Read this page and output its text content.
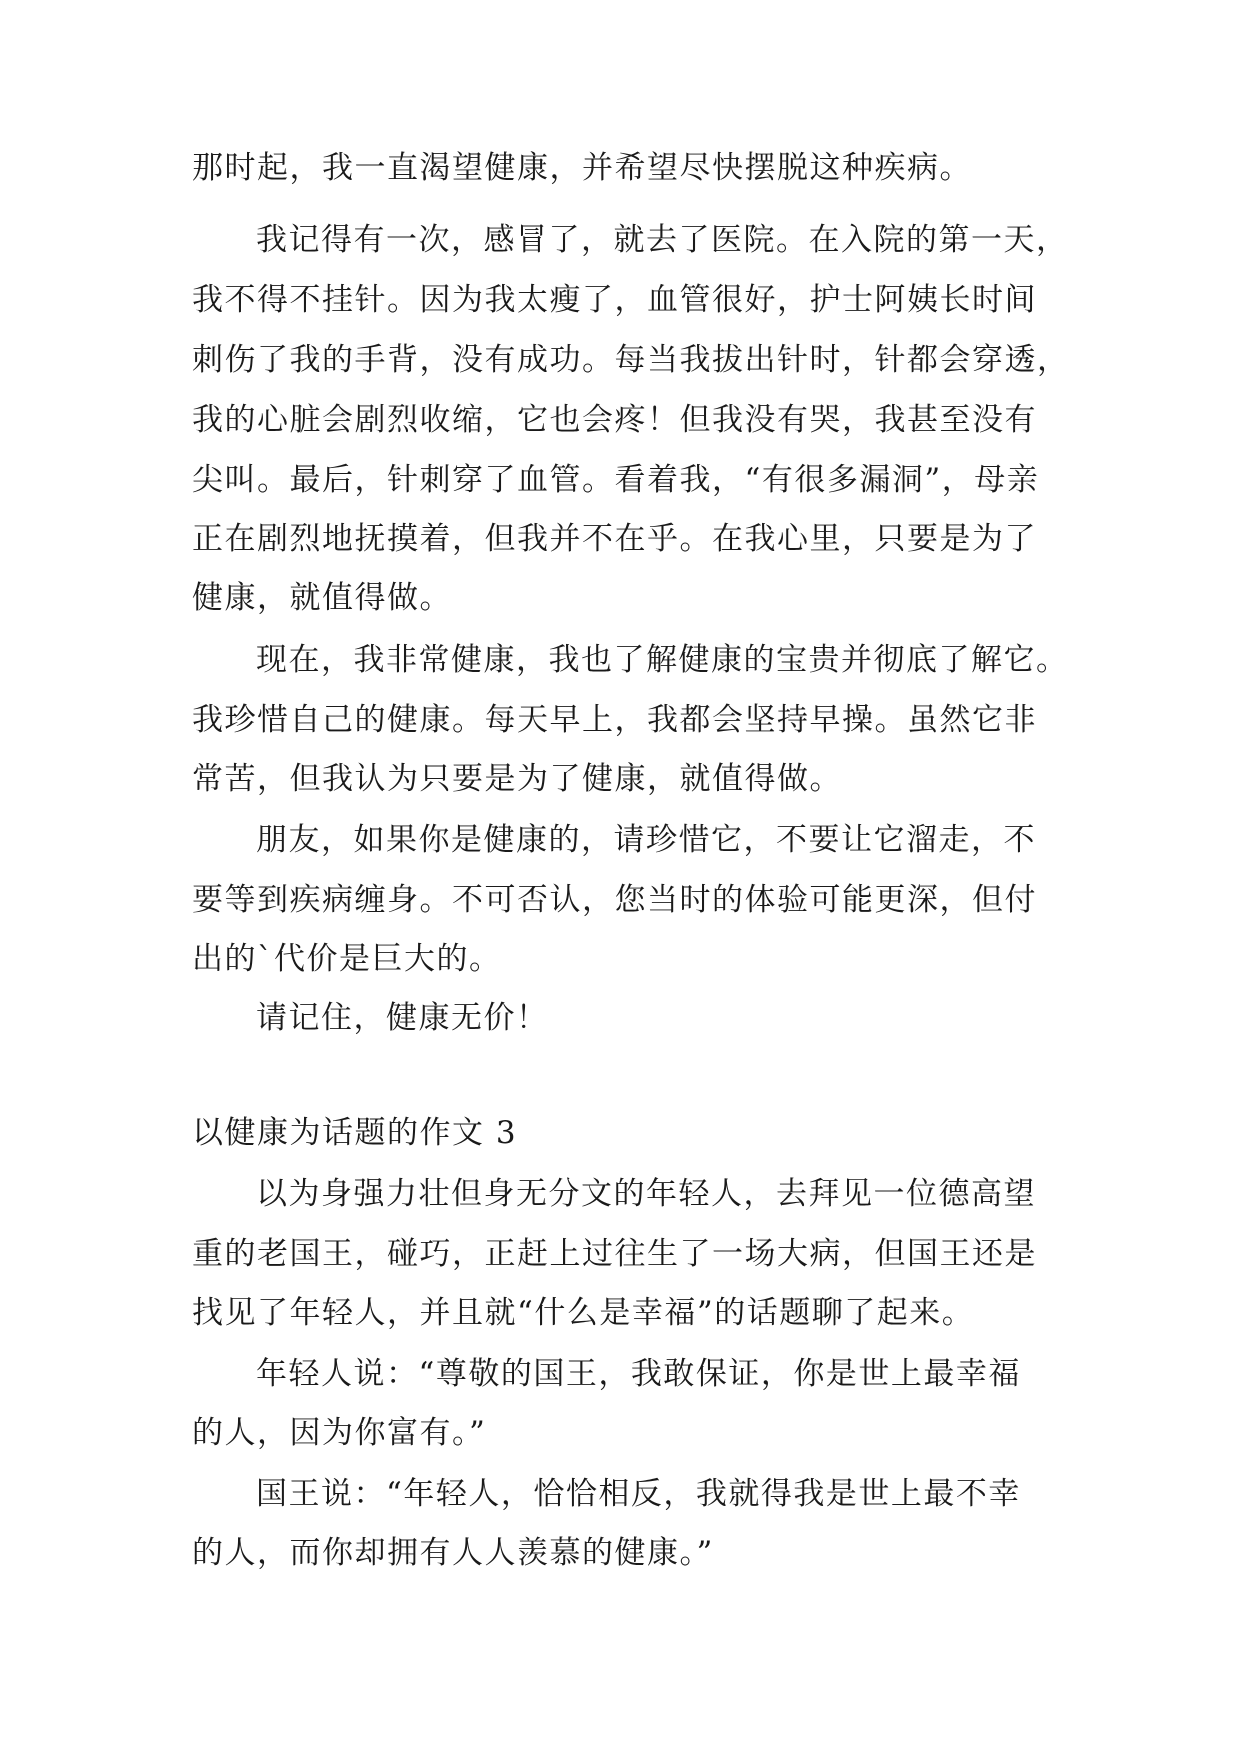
那时起，我一直渴望健康，并希望尽快摆脱这种疾病。
我记得有一次，感冒了，就去了医院。在入院的第一天，
我不得不挂针。因为我太瘦了，血管很好，护士阿姨长时间
刺伤了我的手背，没有成功。每当我拔出针时，针都会穿透，
我的心脏会剧烈收缩，它也会疼！但我没有哭，我甚至没有
尖叫。最后，针刺穿了血管。看着我，“有很多漏洞”，母亲
正在剧烈地抚摸着，但我并不在乎。在我心里，只要是为了
健康，就值得做。
现在，我非常健康，我也了解健康的宝贵并彻底了解它。
我珍惜自己的健康。每天早上，我都会坚持早操。虽然它非
常苦，但我认为只要是为了健康，就值得做。
朋友，如果你是健康的，请珍惜它，不要让它溜走，不
要等到疾病缠身。不可否认，您当时的体验可能更深，但付
出的`代价是巨大的。
请记住，健康无价！
以健康为话题的作文 3
以为身强力壮但身无分文的年轻人，去拜见一位德高望
重的老国王，碰巧，正赶上过往生了一场大病，但国王还是
找见了年轻人，并且就“什么是幸福”的话题聊了起来。
年轻人说：“尊敬的国王，我敢保证，你是世上最幸福
的人，因为你富有。”
国王说：“年轻人，恰恰相反，我就得我是世上最不幸
的人，而你却拥有人人羡慕的健康。”
